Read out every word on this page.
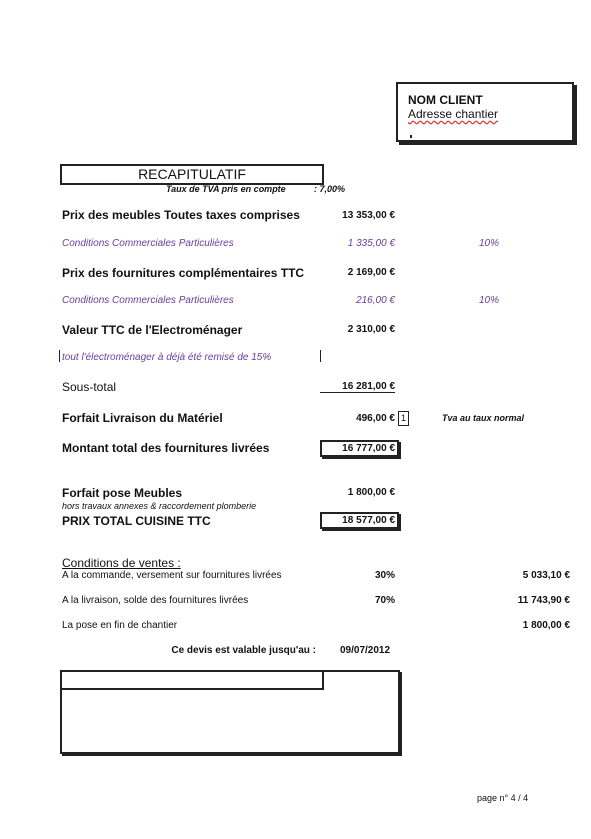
NOM CLIENT
Adresse chantier
RECAPITULATIF
Taux de TVA pris en compte	: 7,00%
Prix des meubles Toutes taxes comprises	13 353,00 €
Conditions Commerciales Particulières	1 335,00 €	10%
Prix des fournitures complémentaires TTC	2 169,00 €
Conditions Commerciales Particulières	216,00 €	10%
Valeur TTC de l'Electroménager	2 310,00 €
tout l'électroménager à déjà été remisé de 15%
Sous-total	16 281,00 €
Forfait Livraison du Matériel	496,00 € 1	Tva au taux normal
Montant total des fournitures livrées	16 777,00 €
Forfait pose Meubles	1 800,00 €
hors travaux annexes & raccordement plomberie
PRIX TOTAL CUISINE TTC	18 577,00 €
Conditions de ventes :
A la commande, versement sur fournitures livrées	30%	5 033,10 €
A la livraison, solde des fournitures livrées	70%	11 743,90 €
La pose en fin de chantier	1 800,00 €
Ce devis est valable jusqu'au : 09/07/2012
page n° 4 / 4
